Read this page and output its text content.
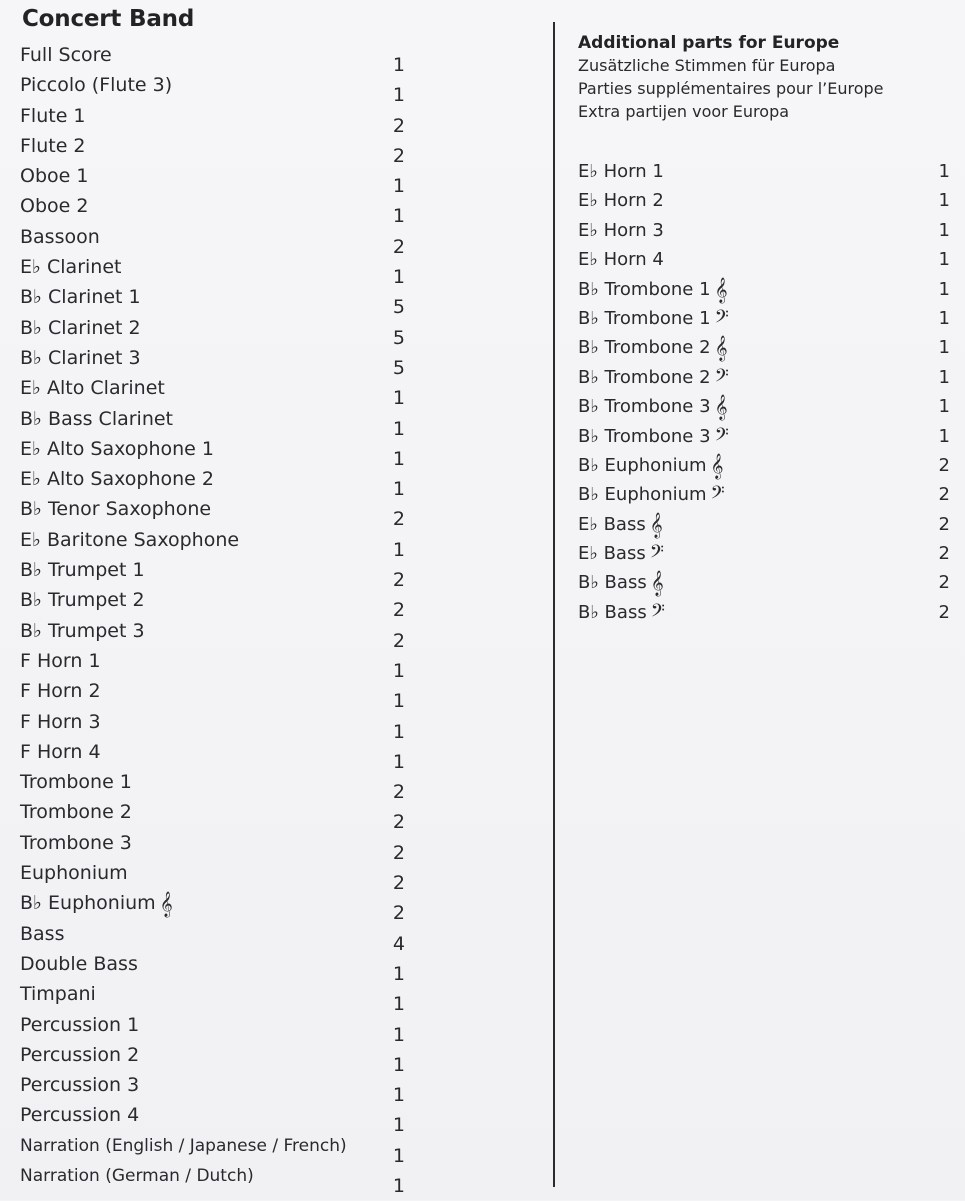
Concert Band
Full Score	1
Piccolo (Flute 3)	1
Flute 1	2
Flute 2	2
Oboe 1	1
Oboe 2	1
Bassoon	2
E♭ Clarinet	1
B♭ Clarinet 1	5
B♭ Clarinet 2	5
B♭ Clarinet 3	5
E♭ Alto Clarinet	1
B♭ Bass Clarinet	1
E♭ Alto Saxophone 1	1
E♭ Alto Saxophone 2	1
B♭ Tenor Saxophone	2
E♭ Baritone Saxophone	1
B♭ Trumpet 1	2
B♭ Trumpet 2	2
B♭ Trumpet 3	2
F Horn 1	1
F Horn 2	1
F Horn 3	1
F Horn 4	1
Trombone 1	2
Trombone 2	2
Trombone 3	2
Euphonium	2
B♭ Euphonium 𝄞	2
Bass	4
Double Bass	1
Timpani	1
Percussion 1	1
Percussion 2	1
Percussion 3	1
Percussion 4	1
Narration (English / Japanese / French)	1
Narration (German / Dutch)	1
Additional parts for Europe
Zusätzliche Stimmen für Europa
Parties supplémentaires pour l’Europe
Extra partijen voor Europa
E♭ Horn 1	1
E♭ Horn 2	1
E♭ Horn 3	1
E♭ Horn 4	1
B♭ Trombone 1 𝄞	1
B♭ Trombone 1 𝄢	1
B♭ Trombone 2 𝄞	1
B♭ Trombone 2 𝄢	1
B♭ Trombone 3 𝄞	1
B♭ Trombone 3 𝄢	1
B♭ Euphonium 𝄞	2
B♭ Euphonium 𝄢	2
E♭ Bass 𝄞	2
E♭ Bass 𝄢	2
B♭ Bass 𝄞	2
B♭ Bass 𝄢	2
